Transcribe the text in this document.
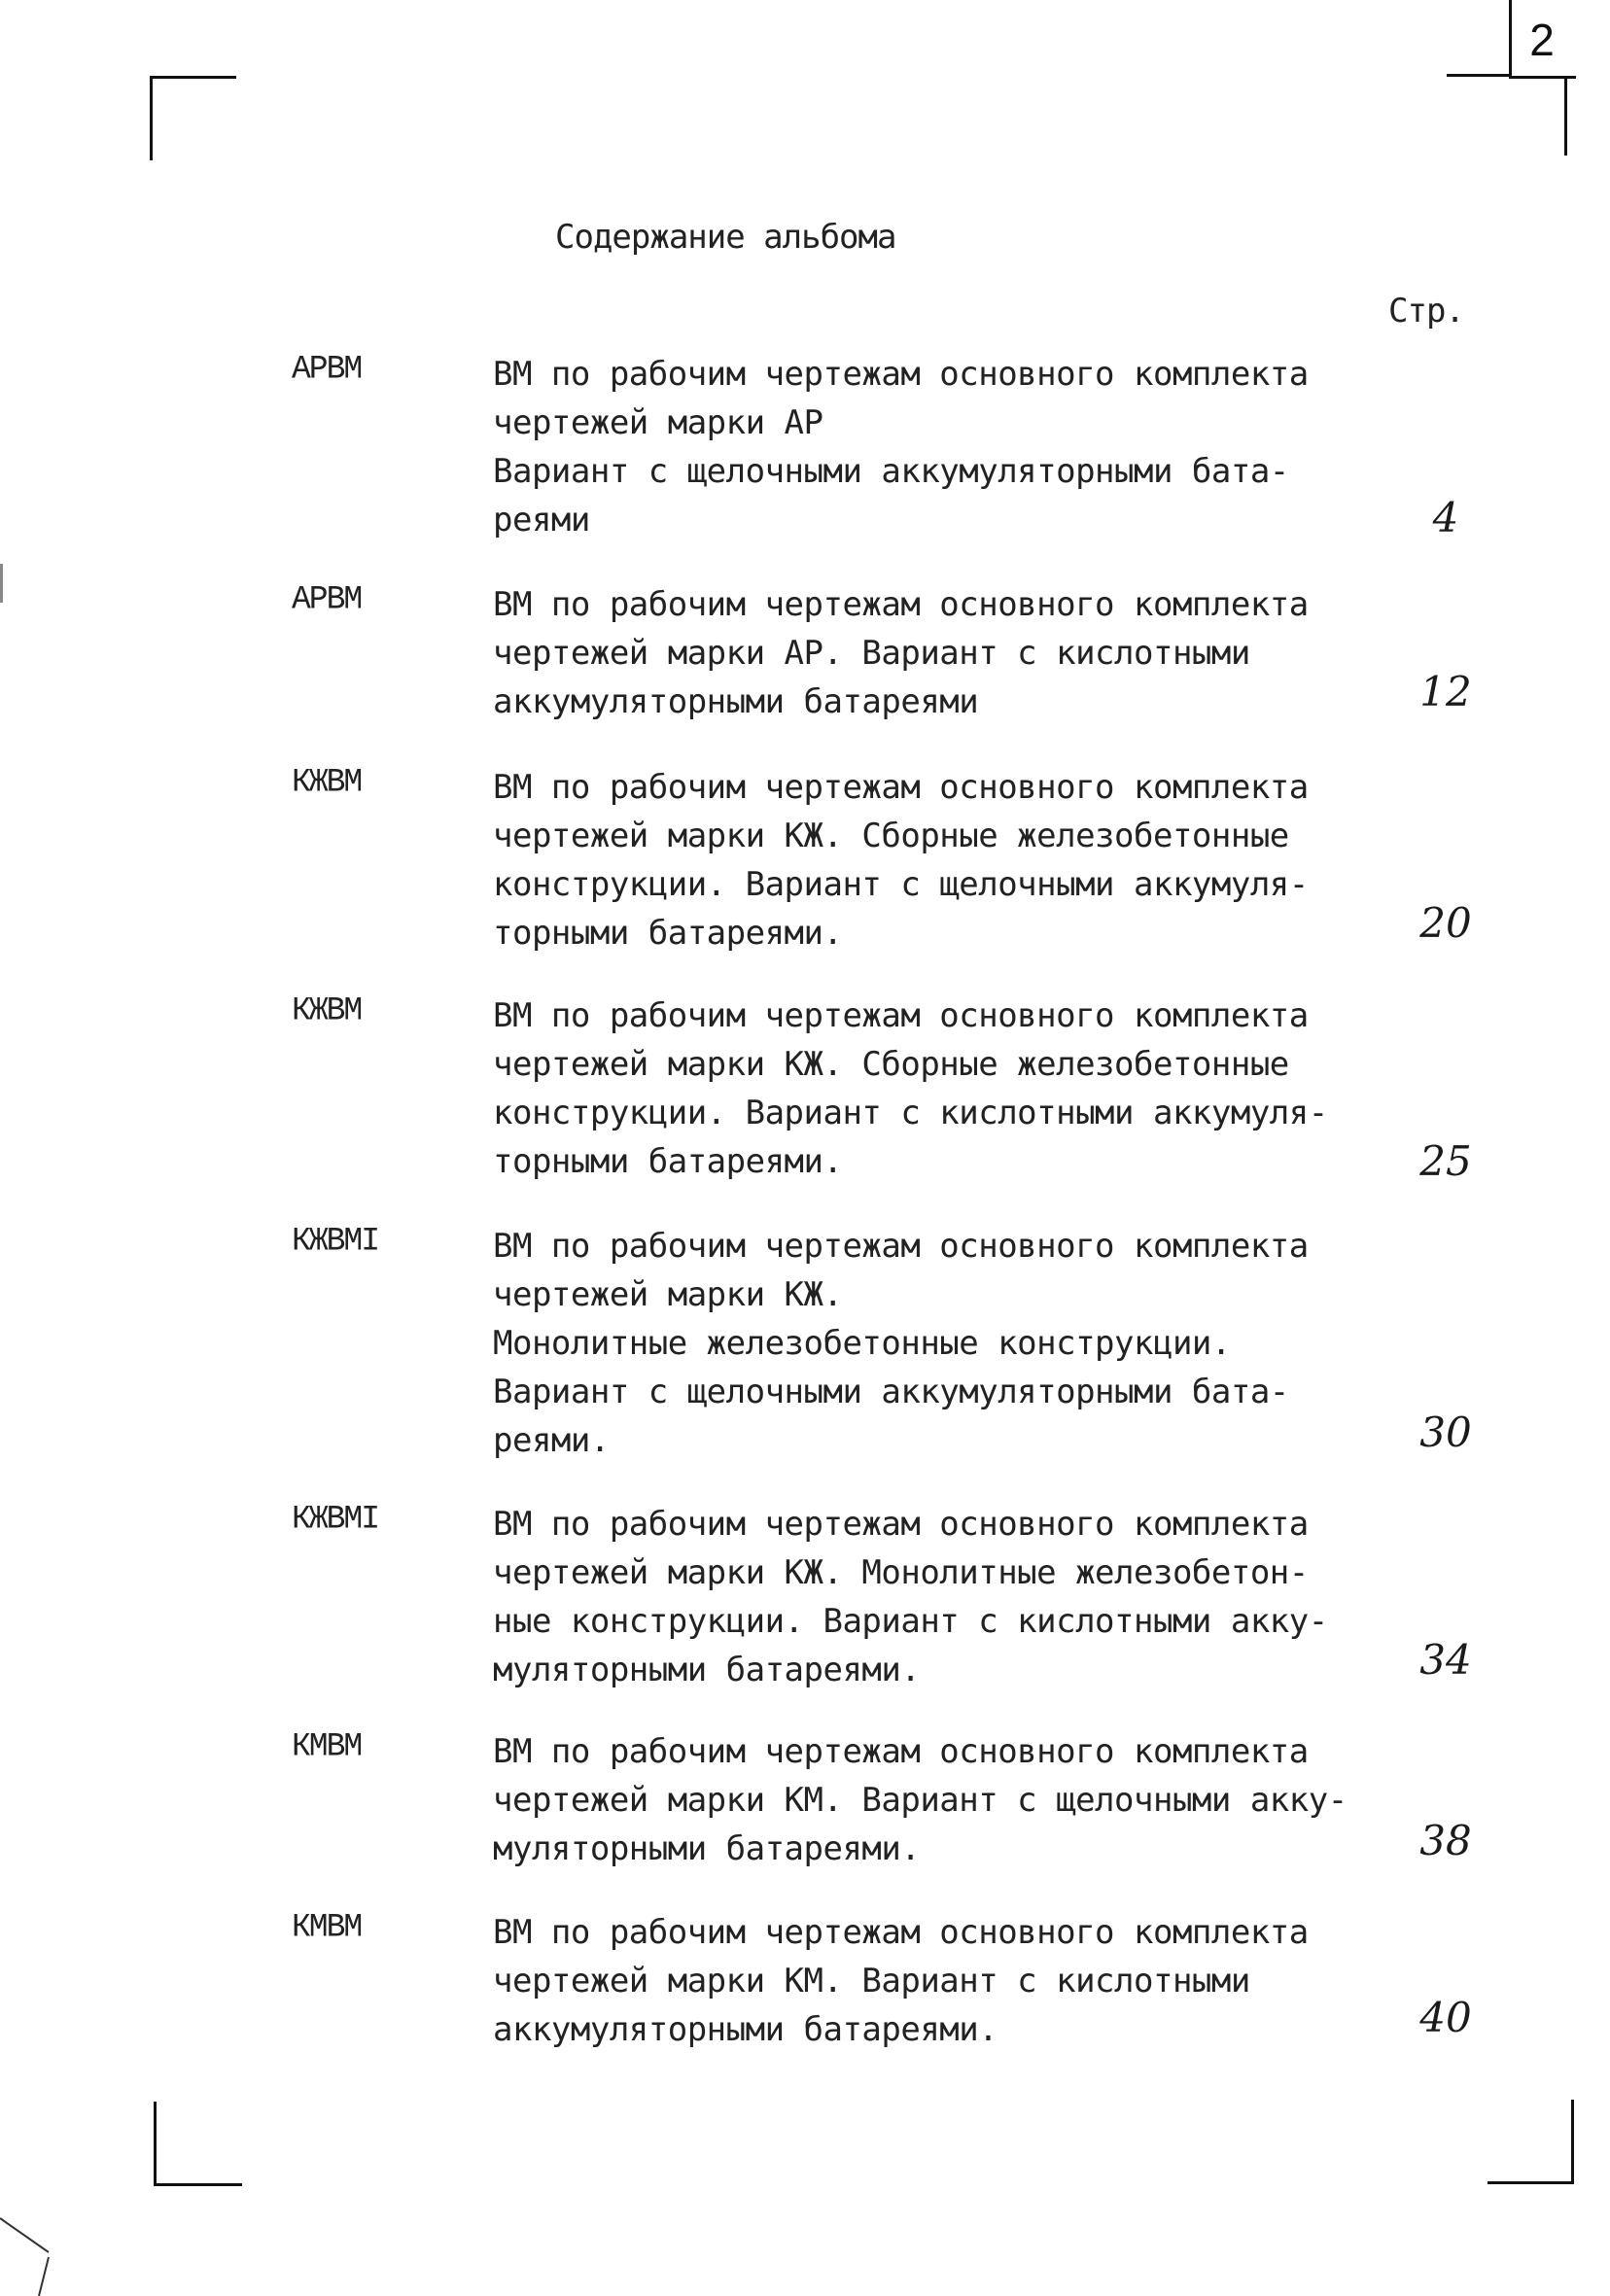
2
Содержание альбома
Стр.
АРВМ	ВМ по рабочим чертежам основного комплекта
чертежей марки АР
Вариант с щелочными аккумуляторными бата-
реями	4
АРВМ	ВМ по рабочим чертежам основного комплекта
чертежей марки АР. Вариант с кислотными
аккумуляторными батареями	12
КЖВМ	ВМ по рабочим чертежам основного комплекта
чертежей марки КЖ. Сборные железобетонные
конструкции. Вариант с щелочными аккумуля-
торными батареями.	20
КЖВМ	ВМ по рабочим чертежам основного комплекта
чертежей марки КЖ. Сборные железобетонные
конструкции. Вариант с кислотными аккумуля-
торными батареями.	25
КЖВМI	ВМ по рабочим чертежам основного комплекта
чертежей марки КЖ.
Монолитные железобетонные конструкции.
Вариант с щелочными аккумуляторными бата-
реями.	30
КЖВМI	ВМ по рабочим чертежам основного комплекта
чертежей марки КЖ. Монолитные железобетон-
ные конструкции. Вариант с кислотными акку-
муляторными батареями.	34
КМВМ	ВМ по рабочим чертежам основного комплекта
чертежей марки КМ. Вариант с щелочными акку-
муляторными батареями.	38
КМВМ	ВМ по рабочим чертежам основного комплекта
чертежей марки КМ. Вариант с кислотными
аккумуляторными батареями.	40
